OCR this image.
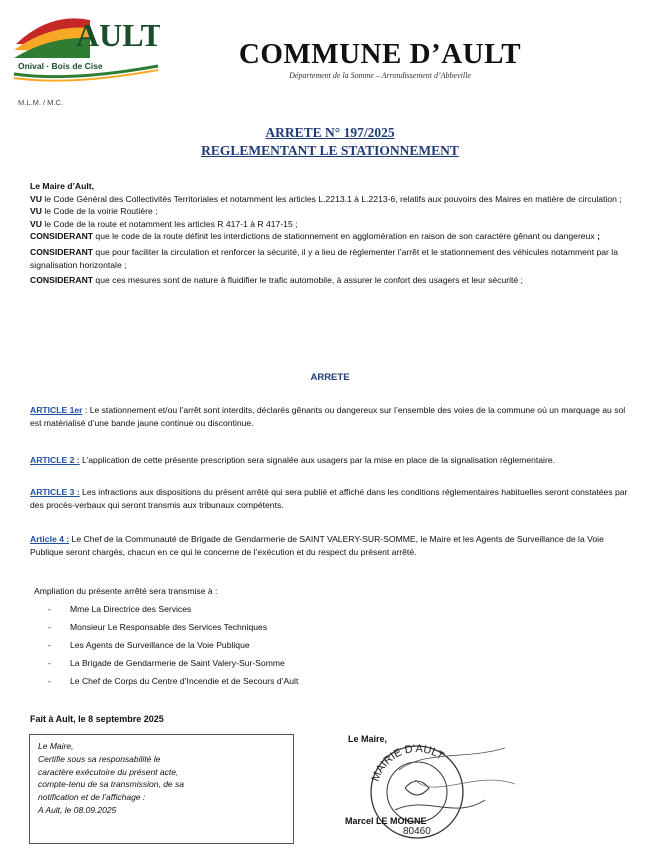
AULT
Onival · Bois de Cise
M.L.M. / M.C.
COMMUNE D’AULT
Département de la Somme – Arrondissement d’Abbeville
ARRETE N° 197/2025
REGLEMENTANT LE STATIONNEMENT

Le Maire d’Ault,
VU le Code Général des Collectivités Territoriales et notamment les articles L.2213.1 à L.2213-6, relatifs aux pouvoirs des Maires en matière de circulation ;
VU le Code de la voirie Routière ;
VU le Code de la route et notamment les articles R 417-1 à R 417-15 ;
CONSIDERANT que le code de la route définit les interdictions de stationnement en agglomération en raison de son caractère gênant ou dangereux ;

CONSIDERANT que pour faciliter la circulation et renforcer la sécurité, il y a lieu de règlementer l’arrêt et le stationnement des véhicules notamment par la signalisation horizontale ;

CONSIDERANT que ces mesures sont de nature à fluidifier le trafic automobile, à assurer le confort des usagers et leur sécurité ;

ARRETE
ARTICLE 1er : Le stationnement et/ou l’arrêt sont interdits, déclarés gênants ou dangereux sur l’ensemble des voies de la commune où un marquage au sol est matérialisé d’une bande jaune continue ou discontinue.
ARTICLE 2 : L’application de cette présente prescription sera signalée aux usagers par la mise en place de la signalisation réglementaire.
ARTICLE 3 : Les infractions aux dispositions du présent arrêté qui sera publié et affiché dans les conditions réglementaires habituelles seront constatées par des procès-verbaux qui seront transmis aux tribunaux compétents.
Article 4 : Le Chef de la Communauté de Brigade de Gendarmerie de SAINT VALERY-SUR-SOMME, le Maire et les Agents de Surveillance de la Voie Publique seront chargés, chacun en ce qui le concerne de l’exécution et du respect du présent arrêté.
Ampliation du présente arrêté sera transmise à :
- Mme La Directrice des Services
- Monsieur Le Responsable des Services Techniques
- Les Agents de Surveillance de la Voie Publique
- La Brigade de Gendarmerie de Saint Valery-Sur-Somme
- Le Chef de Corps du Centre d’Incendie et de Secours d’Ault
Fait à Ault, le 8 septembre 2025
Le Maire,
Le Maire,
Certifie sous sa responsabilité le
caractère exécutoire du présent acte,
compte-tenu de sa transmission, de sa
notification et de l’affichage :
A Ault, le 08.09.2025
MAIRIE D'AULT
80460
Marcel LE MOIGNE
